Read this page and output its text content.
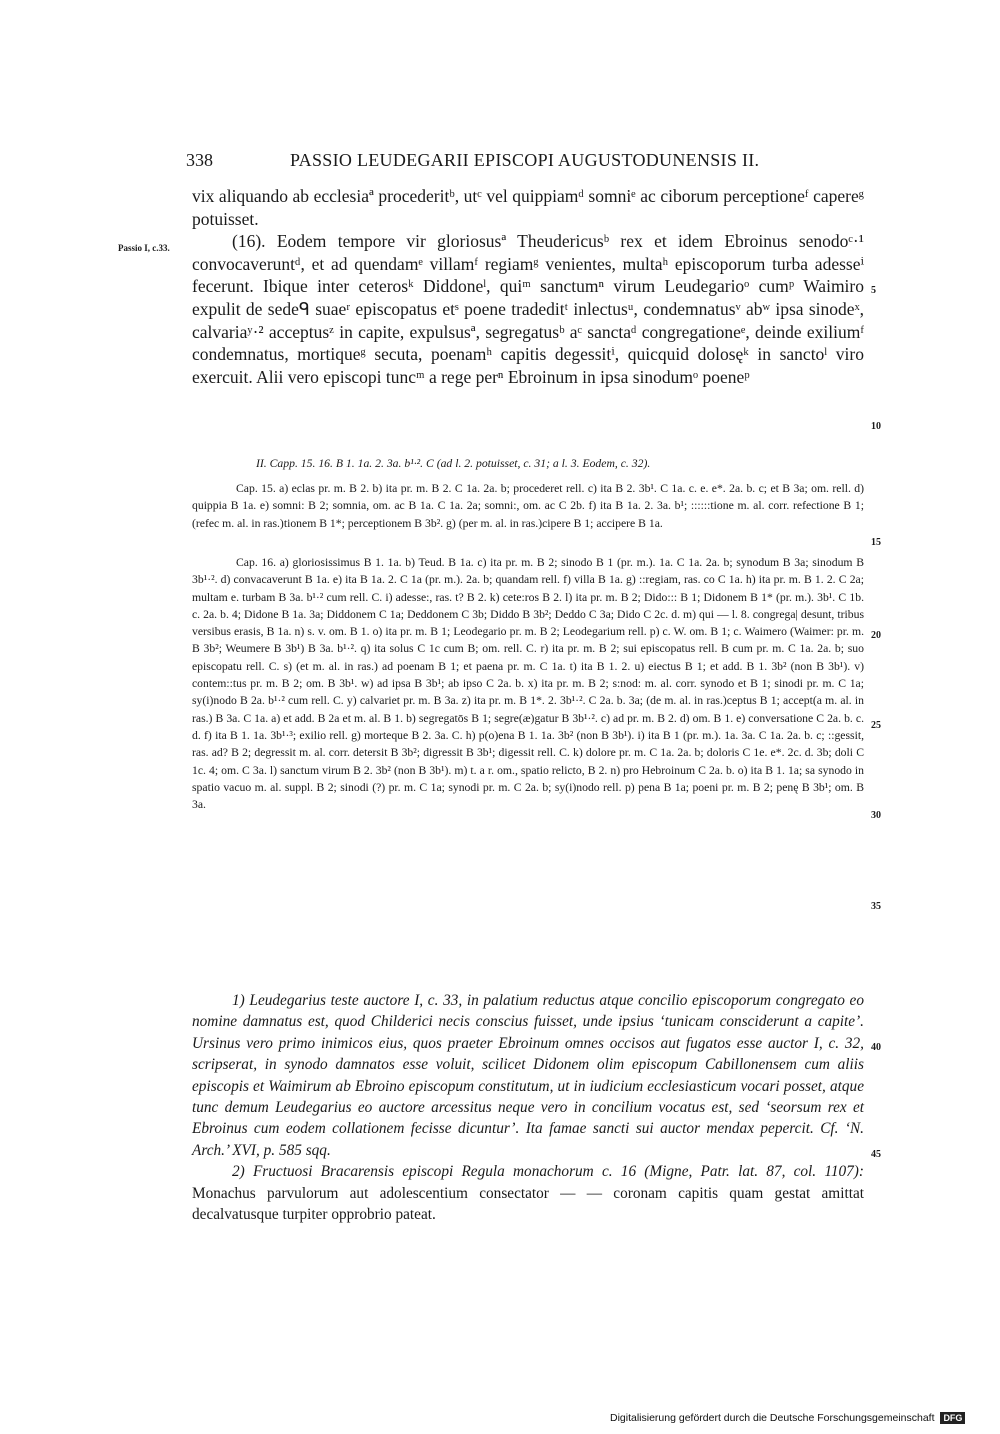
338	PASSIO LEUDEGARII EPISCOPI AUGUSTODUNENSIS II.
Passio I, c.33.

vix aliquando ab ecclesiaª procederitᵇ, utᶜ vel quippiamᵈ somniᵉ ac ciborum perceptioneᶠ capereᵍ potuisset.

(16). Eodem tempore vir gloriosusª Theudericusᵇ rex et idem Ebroinus senodoᶜ·¹ convocaveruntᵈ, et ad quendamᵉ villamᶠ regiamᵍ venientes, multaʰ episcoporum turba adesseⁱ fecerunt. Ibique inter ceterosᵏ Diddoneˡ, quiᵐ sanctumⁿ virum Leudegarioᵒ cumᵖ Waimiro expulit de sedeᑫ suaeʳ episcopatus etˢ poene tradeditᵗ inlectusᵘ, condemnatusᵛ abʷ ipsa sinodeˣ, calvariaʸ·² acceptusᶻ in capite, expulsusª, segregatusᵇ aᶜ sanctaᵈ congregationeᵉ, deinde exiliumᶠ condemnatus, mortiqueᵍ secuta, poenamʰ capitis degessitⁱ, quicquid dolosęᵏ in sanctoˡ viro exercuit. Alii vero episcopi tuncᵐ a rege perⁿ Ebroinum in ipsa sinodumᵒ poeneᵖ

5
10
15
20
25
30
35
40
45
II. Capp. 15. 16. B 1. 1a. 2. 3a. b¹·². C (ad l. 2. potuisset, c. 31; a l. 3. Eodem, c. 32).
Cap. 15. a) eclas pr. m. B 2. b) ita pr. m. B 2. C 1a. 2a. b; procederet rell. c) ita B 2. 3b¹. C 1a. c. e. e*. 2a. b. c; et B 3a; om. rell. d) quippia B 1a. e) somni: B 2; somnia, om. ac B 1a. C 1a. 2a; somni:, om. ac C 2b. f) ita B 1a. 2. 3a. b¹; ::::::tione m. al. corr. refectione B 1; (refec m. al. in ras.)tionem B 1*; perceptionem B 3b². g) (per m. al. in ras.)cipere B 1; accipere B 1a.
Cap. 16. a) gloriosissimus B 1. 1a. b) Teud. B 1a. c) ita pr. m. B 2; sinodo B 1 (pr. m.). 1a. C 1a. 2a. b; synodum B 3a; sinodum B 3b¹·². d) convacaverunt B 1a. e) ita B 1a. 2. C 1a (pr. m.). 2a. b; quandam rell. f) villa B 1a. g) ::regiam, ras. co C 1a. h) ita pr. m. B 1. 2. C 2a; multam e. turbam B 3a. b¹·² cum rell. C. i) adesse:, ras. t? B 2. k) cete:ros B 2. l) ita pr. m. B 2; Dido::: B 1; Didonem B 1* (pr. m.). 3b¹. C 1b. c. 2a. b. 4; Didone B 1a. 3a; Diddonem C 1a; Deddonem C 3b; Diddo B 3b²; Deddo C 3a; Dido C 2c. d. m) qui — l. 8. congrega| desunt, tribus versibus erasis, B 1a. n) s. v. om. B 1. o) ita pr. m. B 1; Leodegario pr. m. B 2; Leodegarium rell. p) c. W. om. B 1; c. Waimero (Waimer: pr. m. B 3b²; Weumere B 3b¹) B 3a. b¹·². q) ita solus C 1c cum B; om. rell. C. r) ita pr. m. B 2; sui episcopatus rell. B cum pr. m. C 1a. 2a. b; suo episcopatu rell. C. s) (et m. al. in ras.) ad poenam B 1; et paena pr. m. C 1a. t) ita B 1. 2. u) eiectus B 1; et add. B 1. 3b² (non B 3b¹). v) contem::tus pr. m. B 2; om. B 3b¹. w) ad ipsa B 3b¹; ab ipso C 2a. b. x) ita pr. m. B 2; s:nod: m. al. corr. synodo et B 1; sinodi pr. m. C 1a; sy(i)nodo B 2a. b¹·² cum rell. C. y) calvariet pr. m. B 3a. z) ita pr. m. B 1*. 2. 3b¹·². C 2a. b. 3a; (de m. al. in ras.)ceptus B 1; accept(a m. al. in ras.) B 3a. C 1a. a) et add. B 2a et m. al. B 1. b) segregatōs B 1; segre(æ)gatur B 3b¹·². c) ad pr. m. B 2. d) om. B 1. e) conversatione C 2a. b. c. d. f) ita B 1. 1a. 3b¹·³; exilio rell. g) morteque B 2. 3a. C. h) p(o)ena B 1. 1a. 3b² (non B 3b¹). i) ita B 1 (pr. m.). 1a. 3a. C 1a. 2a. b. c; ::gessit, ras. ad? B 2; degressit m. al. corr. detersit B 3b²; digressit B 3b¹; digessit rell. C. k) dolore pr. m. C 1a. 2a. b; doloris C 1e. e*. 2c. d. 3b; doli C 1c. 4; om. C 3a. l) sanctum virum B 2. 3b² (non B 3b¹). m) t. a r. om., spatio relicto, B 2. n) pro Hebroinum C 2a. b. o) ita B 1. 1a; sa synodo in spatio vacuo m. al. suppl. B 2; sinodi (?) pr. m. C 1a; synodi pr. m. C 2a. b; sy(i)nodo rell. p) pena B 1a; poeni pr. m. B 2; penę B 3b¹; om. B 3a.

1) Leudegarius teste auctore I, c. 33, in palatium reductus atque concilio episcoporum congregato eo nomine damnatus est, quod Childerici necis conscius fuisset, unde ipsius ‘tunicam consciderunt a capite’. Ursinus vero primo inimicos eius, quos praeter Ebroinum omnes occisos aut fugatos esse auctor I, c. 32, scripserat, in synodo damnatos esse voluit, scilicet Didonem olim episcopum Cabillonensem cum aliis episcopis et Waimirum ab Ebroino episcopum constitutum, ut in iudicium ecclesiasticum vocari posset, atque tunc demum Leudegarius eo auctore arcessitus neque vero in concilium vocatus est, sed ‘seorsum rex et Ebroinus cum eodem collationem fecisse dicuntur’. Ita famae sancti sui auctor mendax pepercit. Cf. ‘N. Arch.’ XVI, p. 585 sqq.

2) Fructuosi Bracarensis episcopi Regula monachorum c. 16 (Migne, Patr. lat. 87, col. 1107): Monachus parvulorum aut adolescentium consectator — — coronam capitis quam gestat amittat decalvatusque turpiter opprobrio pateat.

Digitalisierung gefördert durch die Deutsche Forschungsgemeinschaft DFG
